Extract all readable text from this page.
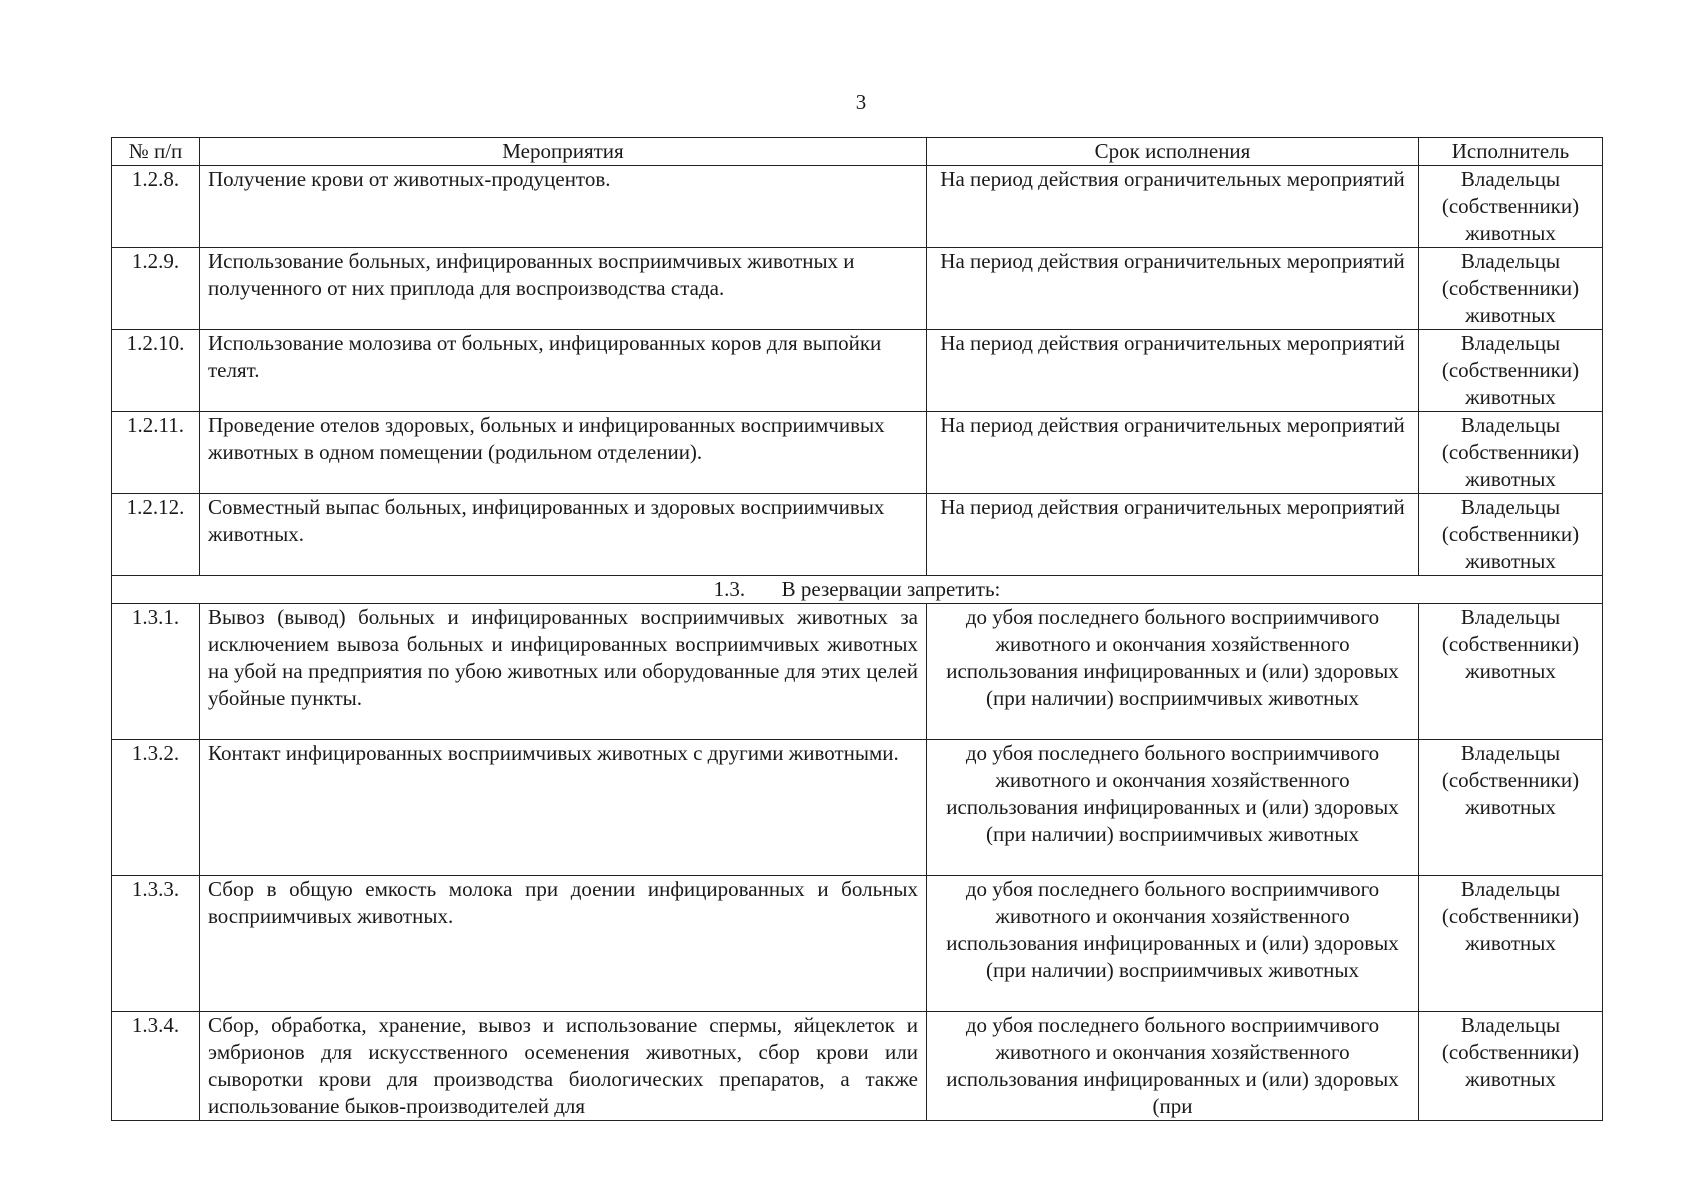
3
№ п/п	Мероприятия	Срок исполнения	Исполнитель
1.2.8.	Получение крови от животных-продуцентов.	На период действия ограничительных мероприятий	Владельцы (собственники) животных
1.2.9.	Использование больных, инфицированных восприимчивых животных и полученного от них приплода для воспроизводства стада.	На период действия ограничительных мероприятий	Владельцы (собственники) животных
1.2.10.	Использование молозива от больных, инфицированных коров для выпойки телят.	На период действия ограничительных мероприятий	Владельцы (собственники) животных
1.2.11.	Проведение отелов здоровых, больных и инфицированных восприимчивых животных в одном помещении (родильном отделении).	На период действия ограничительных мероприятий	Владельцы (собственники) животных
1.2.12.	Совместный выпас больных, инфицированных и здоровых восприимчивых животных.	На период действия ограничительных мероприятий	Владельцы (собственники) животных
1.3. В резервации запретить:			
1.3.1.	Вывоз (вывод) больных и инфицированных восприимчивых животных за исключением вывоза больных и инфицированных восприимчивых животных на убой на предприятия по убою животных или оборудованные для этих целей убойные пункты.	до убоя последнего больного восприимчивого животного и окончания хозяйственного использования инфицированных и (или) здоровых (при наличии) восприимчивых животных	Владельцы (собственники) животных
1.3.2.	Контакт инфицированных восприимчивых животных с другими животными.	до убоя последнего больного восприимчивого животного и окончания хозяйственного использования инфицированных и (или) здоровых (при наличии) восприимчивых животных	Владельцы (собственники) животных
1.3.3.	Сбор в общую емкость молока при доении инфицированных и больных восприимчивых животных.	до убоя последнего больного восприимчивого животного и окончания хозяйственного использования инфицированных и (или) здоровых (при наличии) восприимчивых животных	Владельцы (собственники) животных
1.3.4.	Сбор, обработка, хранение, вывоз и использование спермы, яйцеклеток и эмбрионов для искусственного осеменения животных, сбор крови или сыворотки крови для производства биологических препаратов, а также использование быков-производителей для	до убоя последнего больного восприимчивого животного и окончания хозяйственного использования инфицированных и (или) здоровых (при	Владельцы (собственники) животных
